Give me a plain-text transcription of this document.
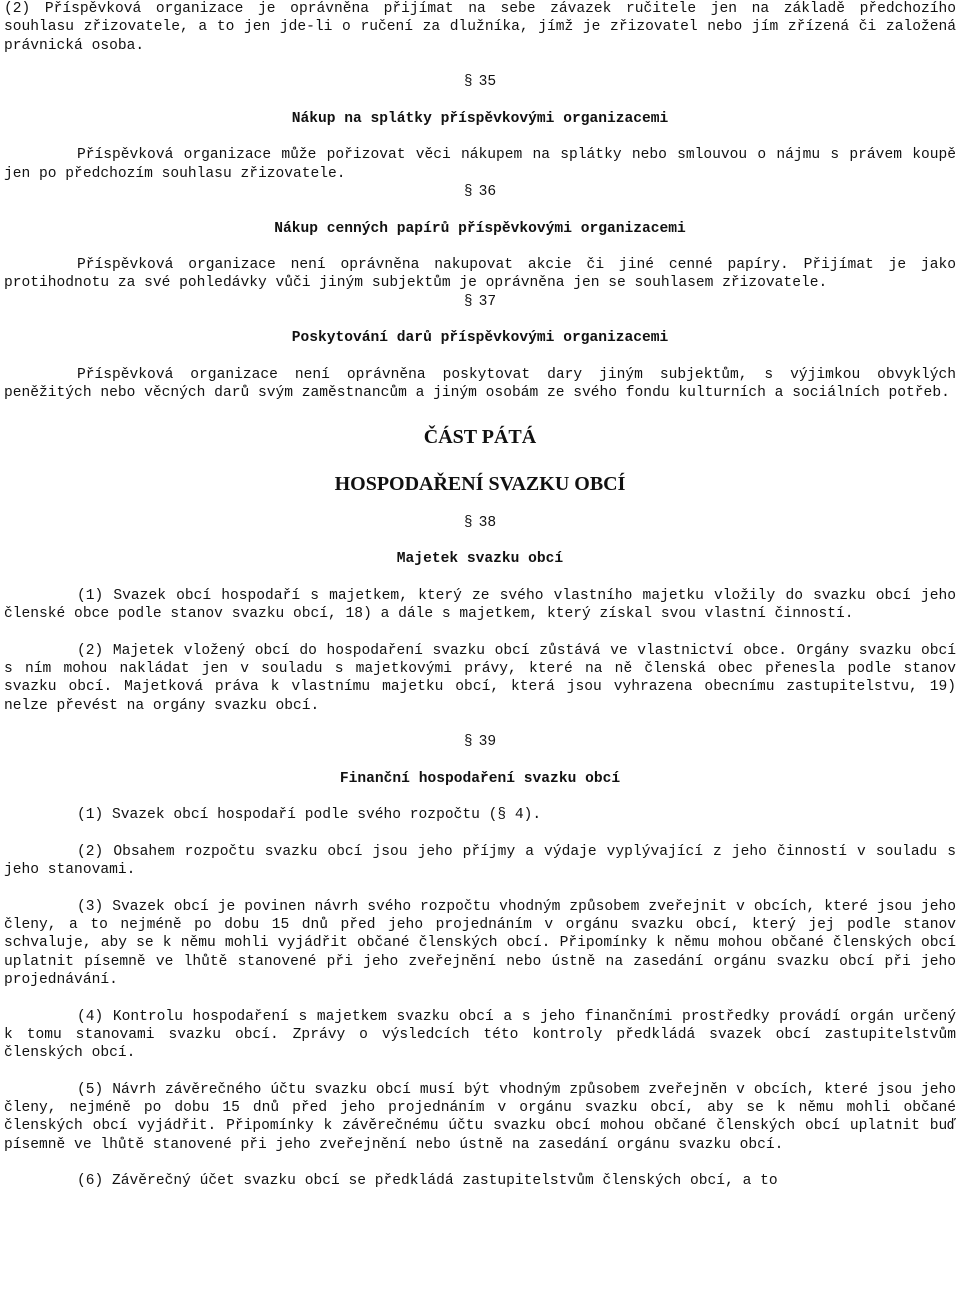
(2) Příspěvková organizace je oprávněna přijímat na sebe závazek ručitele jen na základě předchozího souhlasu zřizovatele, a to jen jde-li o ručení za dlužníka, jímž je zřizovatel nebo jím zřízená či založená právnická osoba.

§ 35
Nákup na splátky příspěvkovými organizacemi

Příspěvková organizace může pořizovat věci nákupem na splátky nebo smlouvou o nájmu s právem koupě jen po předchozím souhlasu zřizovatele.

§ 36
Nákup cenných papírů příspěvkovými organizacemi

Příspěvková organizace není oprávněna nakupovat akcie či jiné cenné papíry. Přijímat je jako protihodnotu za své pohledávky vůči jiným subjektům je oprávněna jen se souhlasem zřizovatele.

§ 37
Poskytování darů příspěvkovými organizacemi

Příspěvková organizace není oprávněna poskytovat dary jiným subjektům, s výjimkou obvyklých peněžitých nebo věcných darů svým zaměstnancům a jiným osobám ze svého fondu kulturních a sociálních potřeb.

ČÁST PÁTÁ
HOSPODAŘENÍ SVAZKU OBCÍ
§ 38
Majetek svazku obcí

(1) Svazek obcí hospodaří s majetkem, který ze svého vlastního majetku vložily do svazku obcí jeho členské obce podle stanov svazku obcí, 18) a dále s majetkem, který získal svou vlastní činností.

(2) Majetek vložený obcí do hospodaření svazku obcí zůstává ve vlastnictví obce. Orgány svazku obcí s ním mohou nakládat jen v souladu s majetkovými právy, které na ně členská obec přenesla podle stanov svazku obcí. Majetková práva k vlastnímu majetku obcí, která jsou vyhrazena obecnímu zastupitelstvu, 19) nelze převést na orgány svazku obcí.

§ 39
Finanční hospodaření svazku obcí

(1) Svazek obcí hospodaří podle svého rozpočtu (§ 4).

(2) Obsahem rozpočtu svazku obcí jsou jeho příjmy a výdaje vyplývající z jeho činností v souladu s jeho stanovami.

(3) Svazek obcí je povinen návrh svého rozpočtu vhodným způsobem zveřejnit v obcích, které jsou jeho členy, a to nejméně po dobu 15 dnů před jeho projednáním v orgánu svazku obcí, který jej podle stanov schvaluje, aby se k němu mohli vyjádřit občané členských obcí. Připomínky k němu mohou občané členských obcí uplatnit písemně ve lhůtě stanovené při jeho zveřejnění nebo ústně na zasedání orgánu svazku obcí při jeho projednávání.

(4) Kontrolu hospodaření s majetkem svazku obcí a s jeho finančními prostředky provádí orgán určený k tomu stanovami svazku obcí. Zprávy o výsledcích této kontroly předkládá svazek obcí zastupitelstvům členských obcí.

(5) Návrh závěrečného účtu svazku obcí musí být vhodným způsobem zveřejněn v obcích, které jsou jeho členy, nejméně po dobu 15 dnů před jeho projednáním v orgánu svazku obcí, aby se k němu mohli občané členských obcí vyjádřit. Připomínky k závěrečnému účtu svazku obcí mohou občané členských obcí uplatnit buď písemně ve lhůtě stanovené při jeho zveřejnění nebo ústně na zasedání orgánu svazku obcí.

(6) Závěrečný účet svazku obcí se předkládá zastupitelstvům členských obcí, a to
